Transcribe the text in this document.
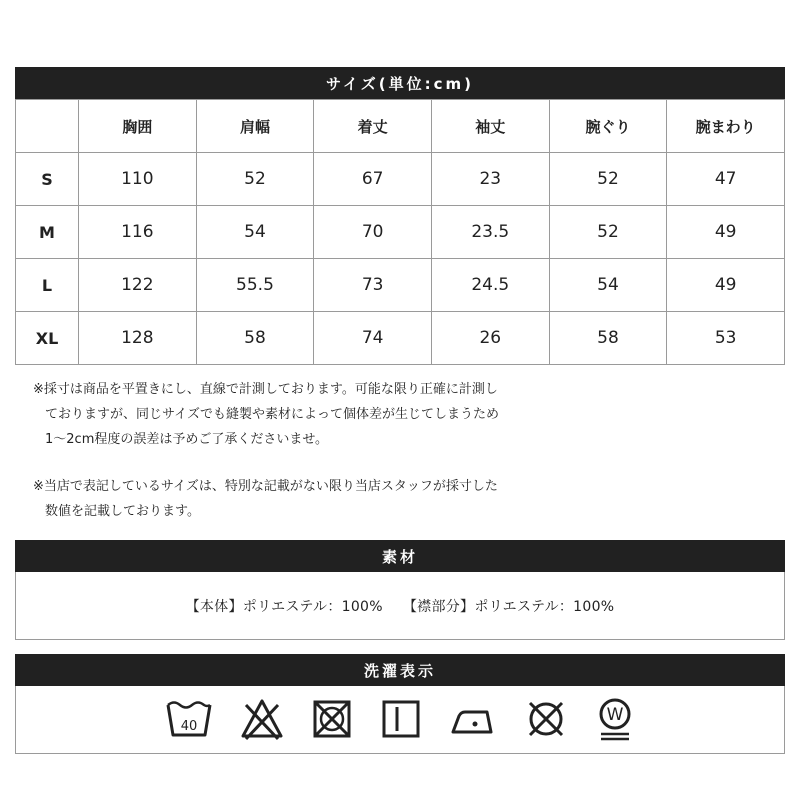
サイズ(単位:cm)
	胸囲	肩幅	着丈	袖丈	腕ぐり	腕まわり
S	110	52	67	23	52	47
M	116	54	70	23.5	52	49
L	122	55.5	73	24.5	54	49
XL	128	58	74	26	58	53

※採寸は商品を平置きにし、直線で計測しております。可能な限り正確に計測し

ておりますが、同じサイズでも縫製や素材によって個体差が生じてしまうため

1～2cm程度の誤差は予めご了承くださいませ。

※当店で表記しているサイズは、特別な記載がない限り当店スタッフが採寸した

数値を記載しております。

素材
【本体】ポリエステル：100% 【襟部分】ポリエステル：100%
洗濯表示
40
W
